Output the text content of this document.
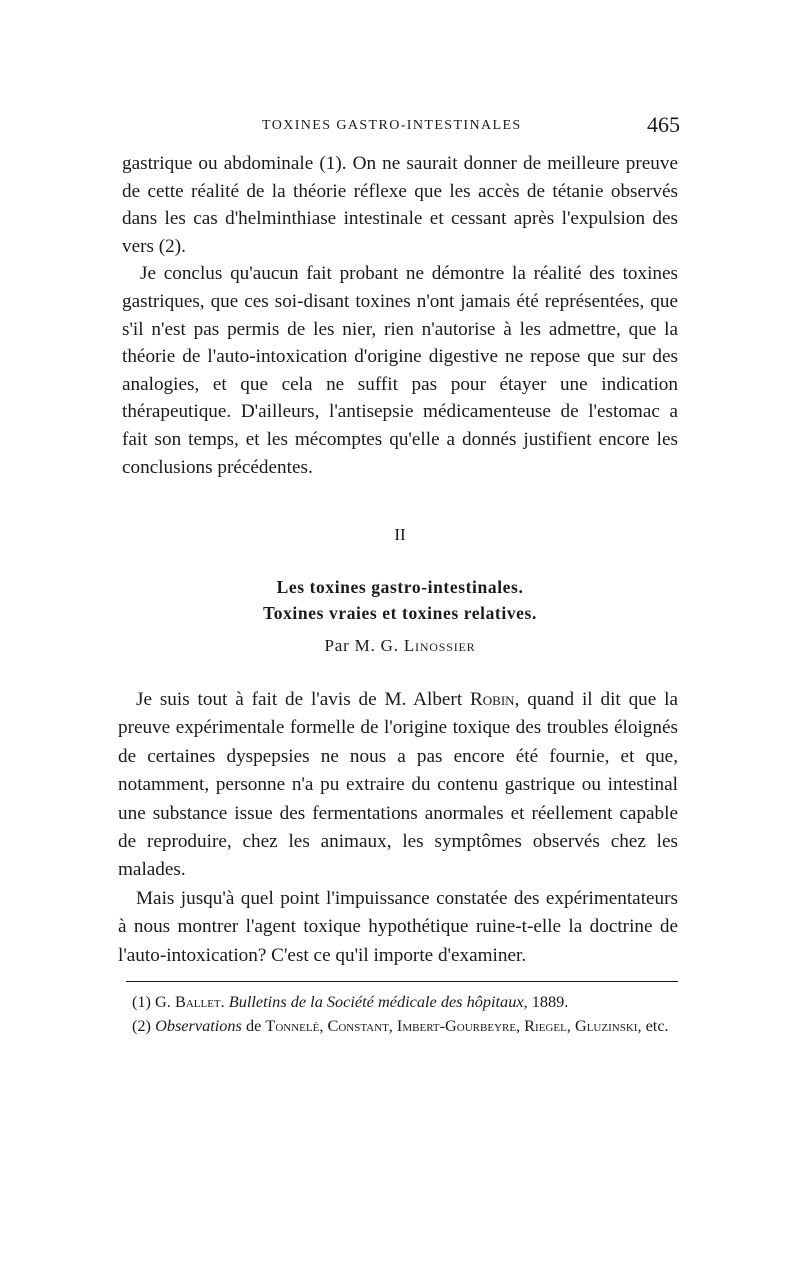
TOXINES GASTRO-INTESTINALES	465

gastrique ou abdominale (1). On ne saurait donner de meilleure preuve de cette réalité de la théorie réflexe que les accès de tétanie observés dans les cas d'helminthiase intestinale et cessant après l'expulsion des vers (2).

Je conclus qu'aucun fait probant ne démontre la réalité des toxines gastriques, que ces soi-disant toxines n'ont jamais été représentées, que s'il n'est pas permis de les nier, rien n'autorise à les admettre, que la théorie de l'auto-intoxication d'origine digestive ne repose que sur des analogies, et que cela ne suffit pas pour étayer une indication thérapeutique. D'ailleurs, l'antisepsie médicamenteuse de l'estomac a fait son temps, et les mécomptes qu'elle a donnés justifient encore les conclusions précédentes.

II
Les toxines gastro-intestinales.
Toxines vraies et toxines relatives.
Par M. G. Linossier

Je suis tout à fait de l'avis de M. Albert Robin, quand il dit que la preuve expérimentale formelle de l'origine toxique des troubles éloignés de certaines dyspepsies ne nous a pas encore été fournie, et que, notamment, personne n'a pu extraire du contenu gastrique ou intestinal une substance issue des fermentations anormales et réellement capable de reproduire, chez les animaux, les symptômes observés chez les malades.

Mais jusqu'à quel point l'impuissance constatée des expérimentateurs à nous montrer l'agent toxique hypothétique ruine-t-elle la doctrine de l'auto-intoxication? C'est ce qu'il importe d'examiner.

(1) G. Ballet. Bulletins de la Société médicale des hôpitaux, 1889.

(2) Observations de Tonnelé, Constant, Imbert-Gourbeyre, Riegel, Gluzinski, etc.
